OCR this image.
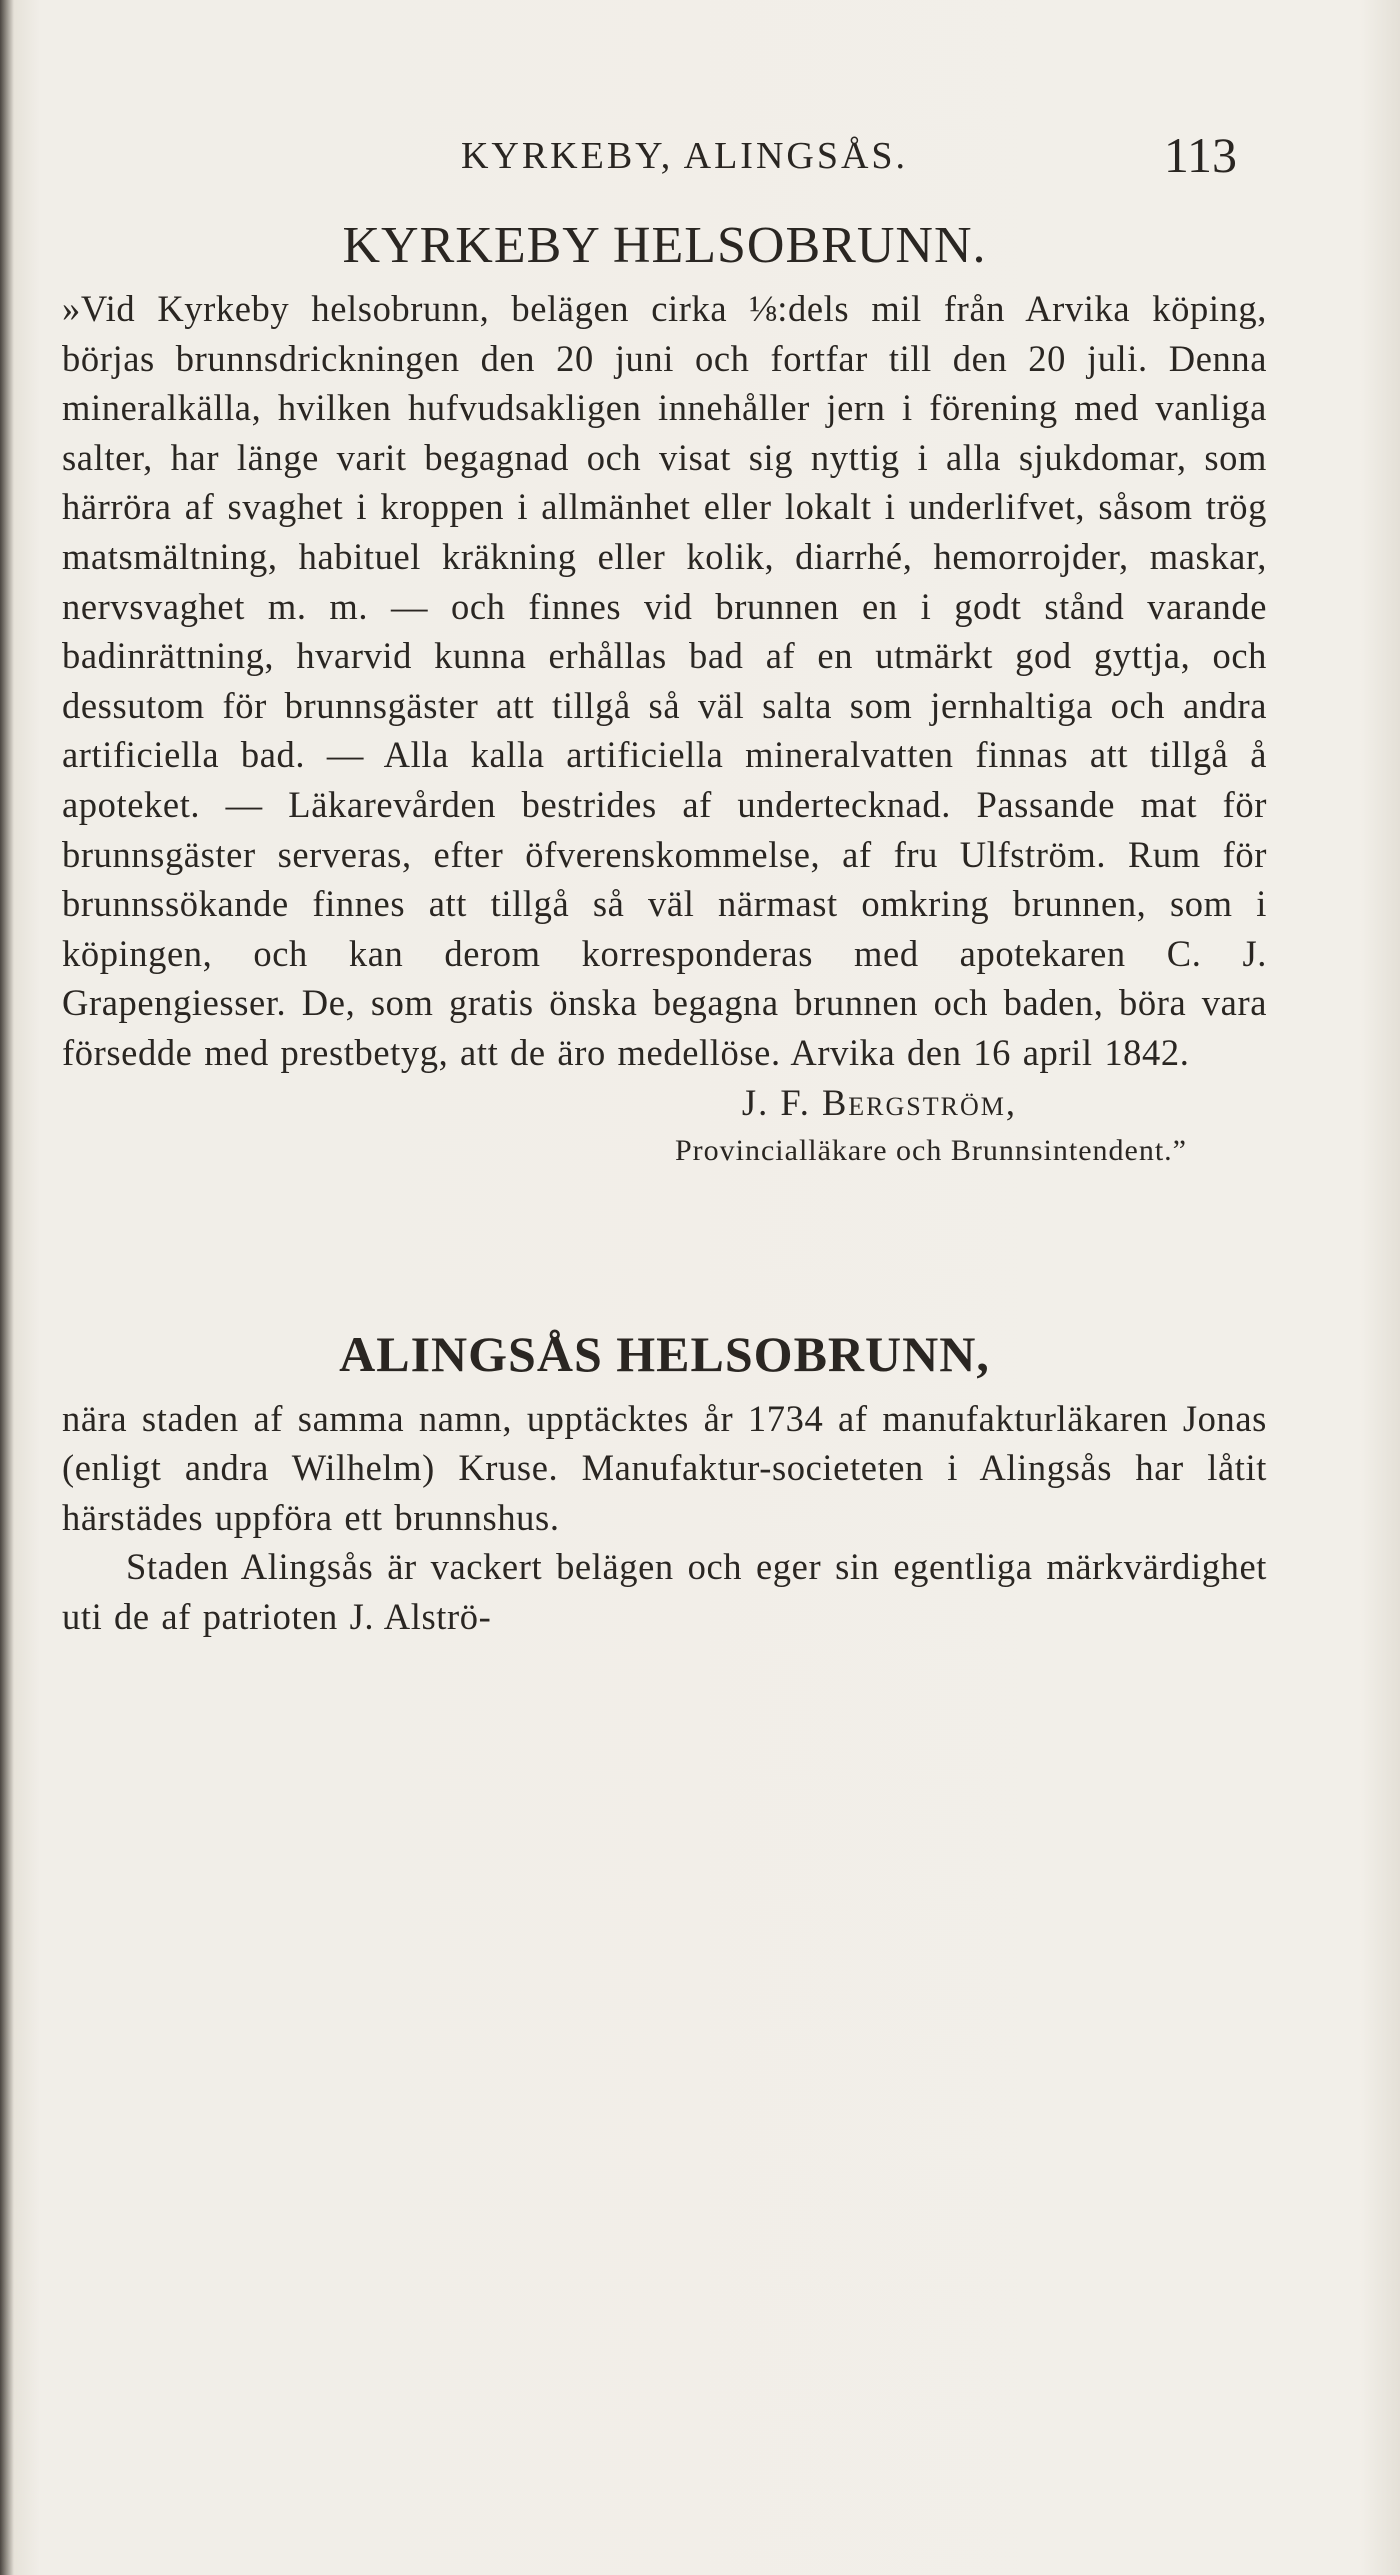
KYRKEBY, ALINGSÅS.	113
KYRKEBY HELSOBRUNN.

»Vid Kyrkeby helsobrunn, belägen cirka ⅛:dels mil från Arvika köping, börjas brunnsdrickningen den 20 juni och fortfar till den 20 juli. Denna mineralkälla, hvilken hufvudsakligen innehåller jern i förening med vanliga salter, har länge varit begagnad och visat sig nyttig i alla sjukdomar, som härröra af svaghet i kroppen i allmänhet eller lokalt i underlifvet, såsom trög matsmältning, habituel kräkning eller kolik, diarrhé, hemorrojder, maskar, nervsvaghet m. m. — och finnes vid brunnen en i godt stånd varande badinrättning, hvarvid kunna erhållas bad af en utmärkt god gyttja, och dessutom för brunnsgäster att tillgå så väl salta som jernhaltiga och andra artificiella bad. — Alla kalla artificiella mineralvatten finnas att tillgå å apoteket. — Läkarevården bestrides af undertecknad. Passande mat för brunnsgäster serveras, efter öfverenskommelse, af fru Ulfström. Rum för brunnssökande finnes att tillgå så väl närmast omkring brunnen, som i köpingen, och kan derom korresponderas med apotekaren C. J. Grapengiesser. De, som gratis önska begagna brunnen och baden, böra vara försedde med prestbetyg, att de äro medellöse. Arvika den 16 april 1842.

J. F. Bergström,
Provincialläkare och Brunnsintendent.”
ALINGSÅS HELSOBRUNN,

nära staden af samma namn, upptäcktes år 1734 af manufakturläkaren Jonas (enligt andra Wilhelm) Kruse. Manufaktur-societeten i Alingsås har låtit härstädes uppföra ett brunnshus.

Staden Alingsås är vackert belägen och eger sin egentliga märkvärdighet uti de af patrioten J. Alströ-
